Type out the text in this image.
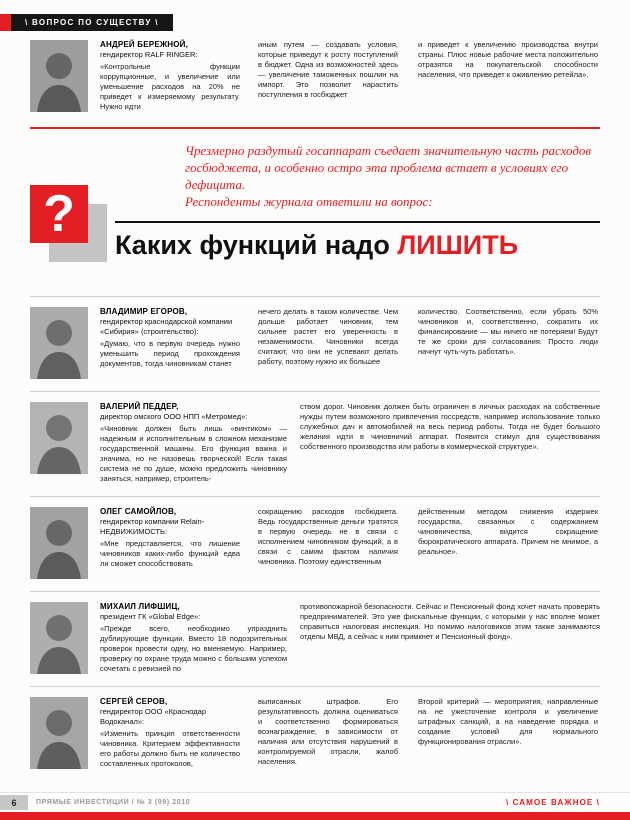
\ ВОПРОС ПО СУЩЕСТВУ \
АНДРЕЙ БЕРЕЖНОЙ,
гендиректор RALF RINGER:
«Контрольные функции коррупционные, и увеличение или уменьшение расходов на 20% не приведет к измеряемому результату. Нужно идти
иным путем — создавать условия, которые приведут к росту поступлений в бюджет. Одна из возможностей здесь — увеличение таможенных пошлин на импорт. Это позволит нарастить поступления в госбюджет
и приведет к увеличению производства внутри страны. Плюс новые рабочие места положительно отразятся на покупательской способности населения, что приведет к оживлению ретейла».
Чрезмерно раздутый госаппарат съедает значительную часть расходов госбюджета, и особенно остро эта проблема встает в условиях его дефицита.
Респонденты журнала ответили на вопрос:
?
Каких функций надо ЛИШИТЬ
ВЛАДИМИР ЕГОРОВ,
гендиректор краснодарской компании «Сибирия» (строительство):
«Думаю, что в первую очередь нужно уменьшить период прохождения документов, тогда чиновникам станет
нечего делать в таком количестве. Чем дольше работает чиновник, тем сильнее растет его уверенность в незаменимости. Чиновники всегда считают, что они не успевают делать работу, поэтому нужно их большее
количество. Соответственно, если убрать 50% чиновников и, соответственно, сократить их финансирование — мы ничего не потеряем! Будут те же сроки для согласования. Просто люди начнут чуть-чуть работать».
ВАЛЕРИЙ ПЕДДЕР,
директор омского ООО НПП «Метромед»:
«Чиновник должен быть лишь «винтиком» — надежным и исполнительным в сложном механизме государственной машины. Его функция важна и значима, но не назовешь творческой! Если такая система не по душе, можно предложить чиновнику заняться, например, строитель-
ством дорог. Чиновник должен быть ограничен в личных расходах на собственные нужды путем возможного привлечения госсредств, например использование только служебных дач и автомобилей на весь период работы. Тогда не будет большого желания идти в чиновничий аппарат. Появится стимул для существования собственного производства или работы в коммерческой структуре».
ОЛЕГ САМОЙЛОВ,
гендиректор компании Relain-НЕДВИЖИМОСТЬ:
«Мне представляется, что лишение чиновников каких-либо функций едва ли сможет способствовать
сокращению расходов госбюджета. Ведь государственные деньги тратятся в первую очередь не в связи с исполнением чиновником функций, а в связи с самим фактом наличия чиновника. Поэтому единственным
действенным методом снижения издержек государства, связанных с содержанием чиновничества, видится сокращение бюрократического аппарата. Причем не мнимое, а реальное».
МИХАИЛ ЛИФШИЦ,
президент ГК «Global Edge»:
«Прежде всего, необходимо упразднить дублирующие функции. Вместо 18 подозрительных проверок провести одну, но вменяемую. Например, проверку по охране труда можно с большим успехом сочетать с ревизией по
противопожарной безопасности. Сейчас и Пенсионный фонд хочет начать проверять предпринимателей. Это уже фискальные функции, с которыми у нас вполне может справиться налоговая инспекция. Но помимо налоговиков этим также занимаются отделы МВД, а сейчас к ним примкнет и Пенсионный фонд».
СЕРГЕЙ СЕРОВ,
гендиректор ООО «Краснодар Водоканал»:
«Изменить принцип ответственности чиновника. Критерием эффективности его работы должно быть не количество составленных протоколов,
выписанных штрафов. Его результативность должна оцениваться и соответственно формироваться вознаграждение, в зависимости от наличия или отсутствия нарушений в контролируемой отрасли, жалоб населения.
Второй критерий — мероприятия, направленные на не ужесточение контроля и увеличение штрафных санкций, а на наведение порядка и создание условий для нормального функционирования отрасли».
6	ПРЯМЫЕ ИНВЕСТИЦИИ / № 3 (99) 2010	\ САМОЕ ВАЖНОЕ \
